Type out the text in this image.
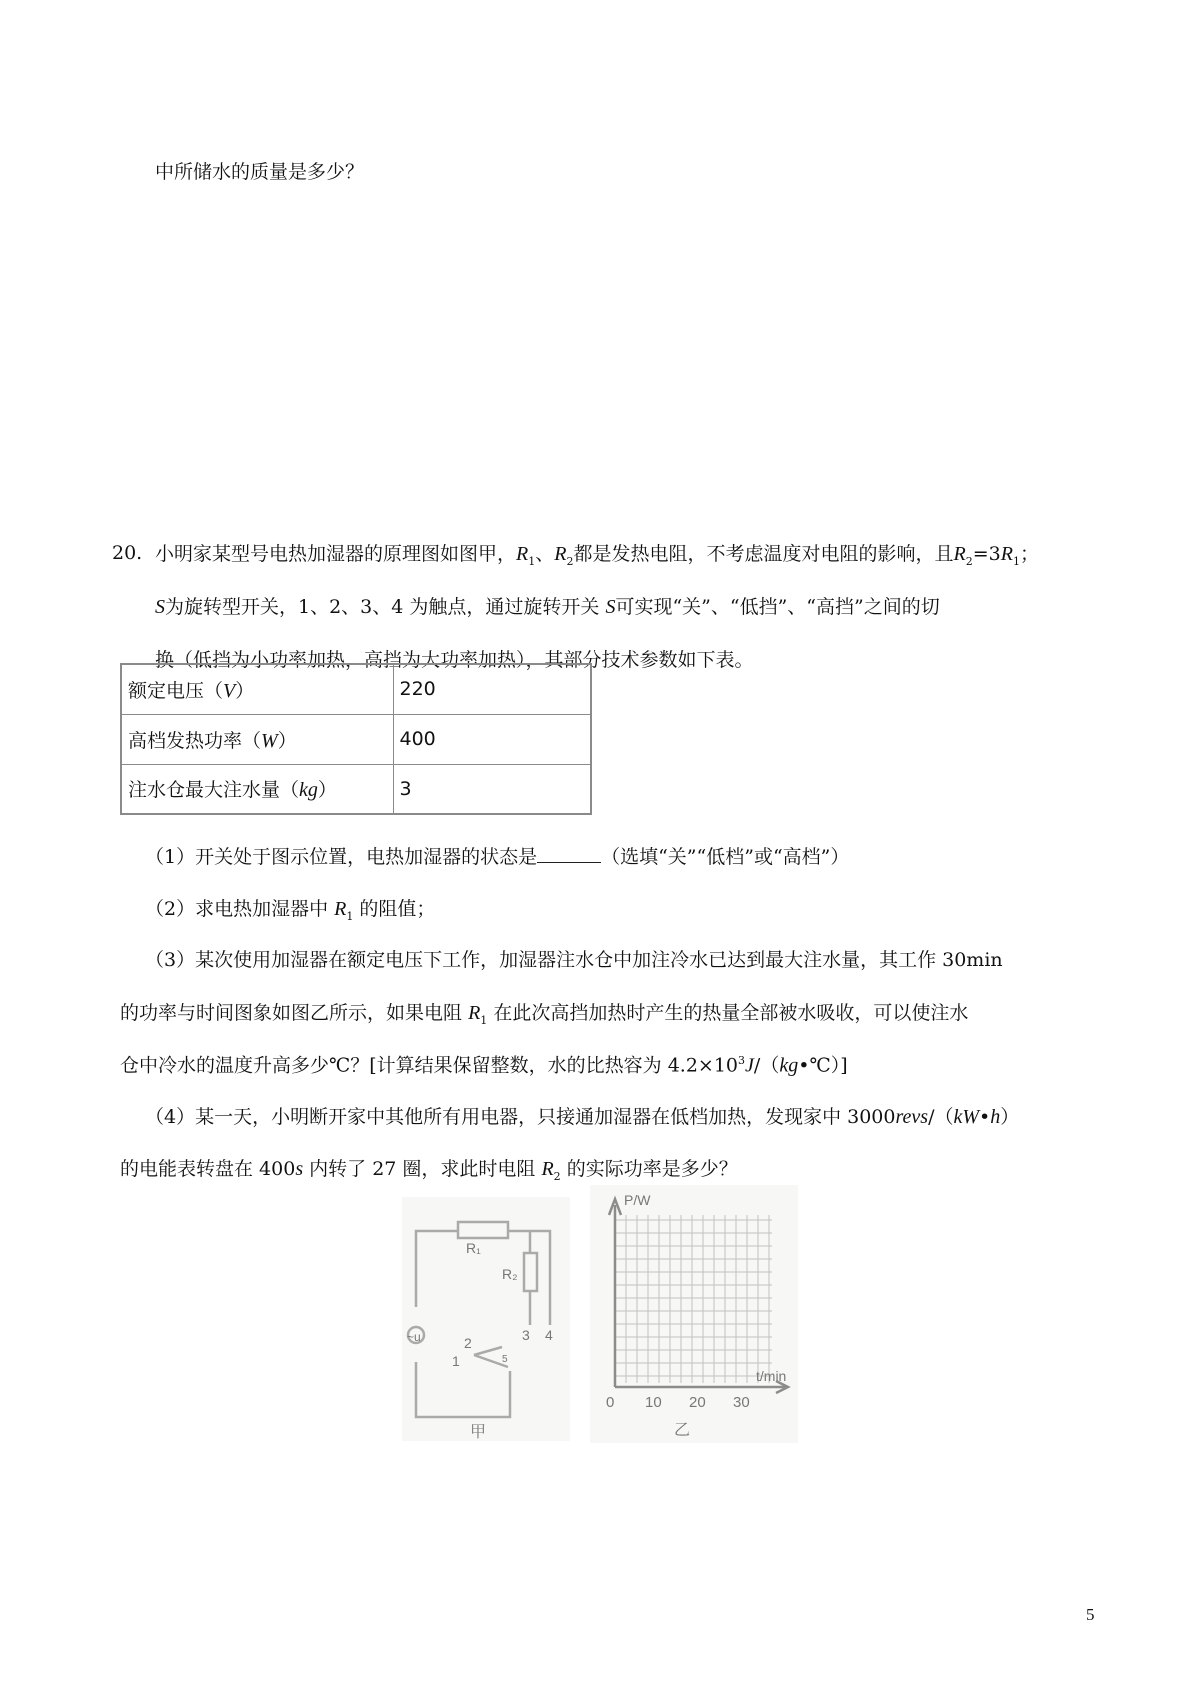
中所储水的质量是多少？
20. 小明家某型号电热加湿器的原理图如图甲，$R_1$、$R_2$都是发热电阻，不考虑温度对电阻的影响，且$R_2=3R_1$；
S为旋转型开关，1、2、3、4 为触点，通过旋转开关 S可实现“关”、“低挡”、“高挡”之间的切
换（低挡为小功率加热，高挡为大功率加热），其部分技术参数如下表。
额定电压（V）	220
高档发热功率（W）	400
注水仓最大注水量（kg）	3
（1）开关处于图示位置，电热加湿器的状态是	（选填“关”“低档”或“高档”）
（2）求电热加湿器中 $R_1$ 的阻值；
（3）某次使用加湿器在额定电压下工作，加湿器注水仓中加注冷水已达到最大注水量，其工作 30min
的功率与时间图象如图乙所示，如果电阻 $R_1$ 在此次高挡加热时产生的热量全部被水吸收，可以使注水
仓中冷水的温度升高多少℃？[计算结果保留整数，水的比热容为 $4.2\times 10^3J/(kg•℃)$]
（4）某一天，小明断开家中其他所有用电器，只接通加湿器在低档加热，发现家中 3000revs/（kW•h）
的电能表转盘在 400s 内转了 27 圈，求此时电阻 $R_2$ 的实际功率是多少？
R₁
R₂
~u	2
1
3 4
5
甲
P/W
t/min
0 10 20 30
乙
5
